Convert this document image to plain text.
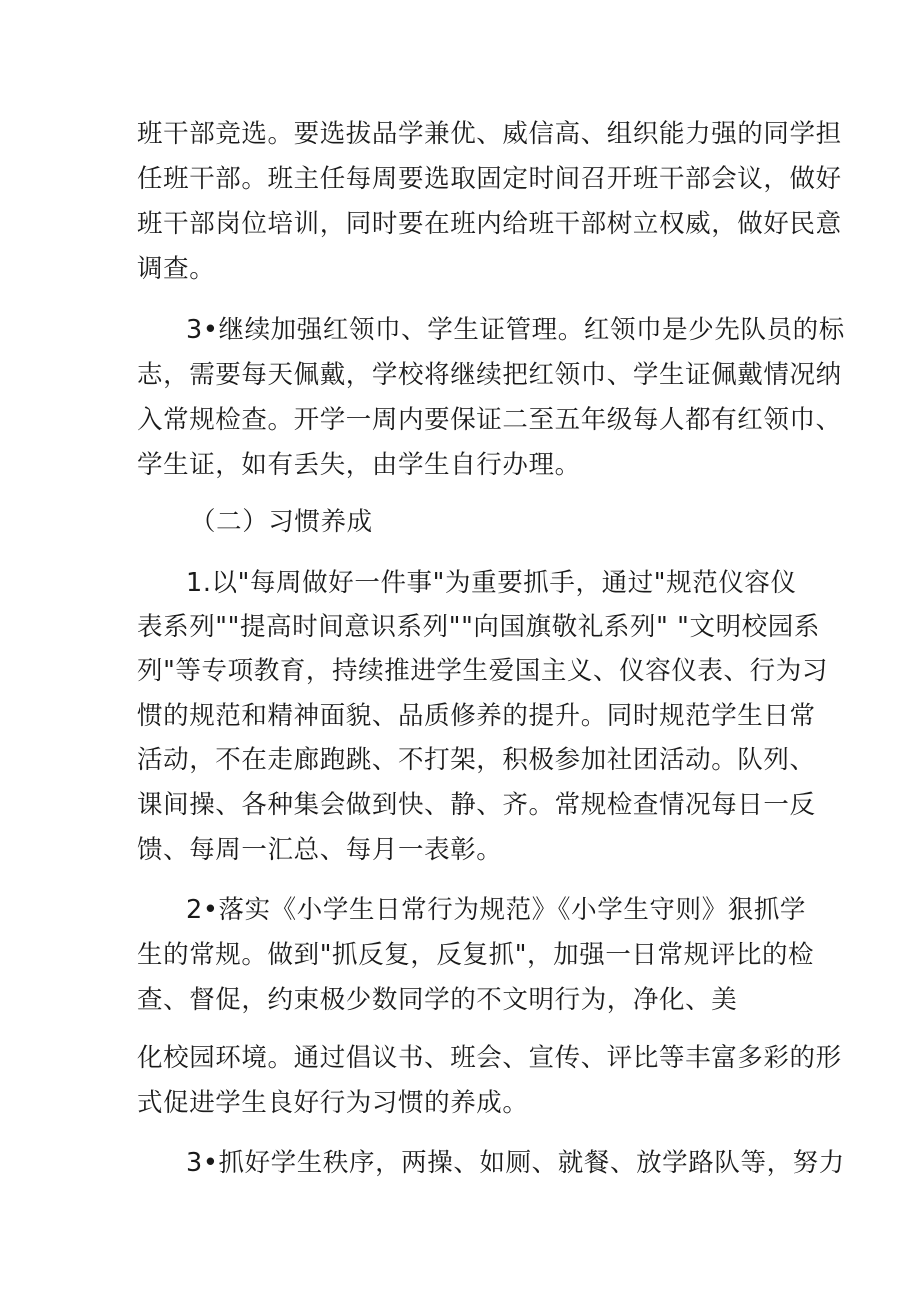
班干部竞选。要选拔品学兼优、威信高、组织能力强的同学担
任班干部。班主任每周要选取固定时间召开班干部会议，做好
班干部岗位培训，同时要在班内给班干部树立权威，做好民意
调查。
3•继续加强红领巾、学生证管理。红领巾是少先队员的标
志，需要每天佩戴，学校将继续把红领巾、学生证佩戴情况纳
入常规检查。开学一周内要保证二至五年级每人都有红领巾、
学生证，如有丢失，由学生自行办理。
（二）习惯养成
1.以"每周做好一件事"为重要抓手，通过"规范仪容仪
表系列""提高时间意识系列""向国旗敬礼系列" "文明校园系
列"等专项教育，持续推进学生爱国主义、仪容仪表、行为习
惯的规范和精神面貌、品质修养的提升。同时规范学生日常
活动，不在走廊跑跳、不打架，积极参加社团活动。队列、
课间操、各种集会做到快、静、齐。常规检查情况每日一反
馈、每周一汇总、每月一表彰。
2•落实《小学生日常行为规范》《小学生守则》狠抓学
生的常规。做到"抓反复，反复抓"，加强一日常规评比的检
查、督促，约束极少数同学的不文明行为，净化、美
化校园环境。通过倡议书、班会、宣传、评比等丰富多彩的形
式促进学生良好行为习惯的养成。
3•抓好学生秩序，两操、如厕、就餐、放学路队等，努力
